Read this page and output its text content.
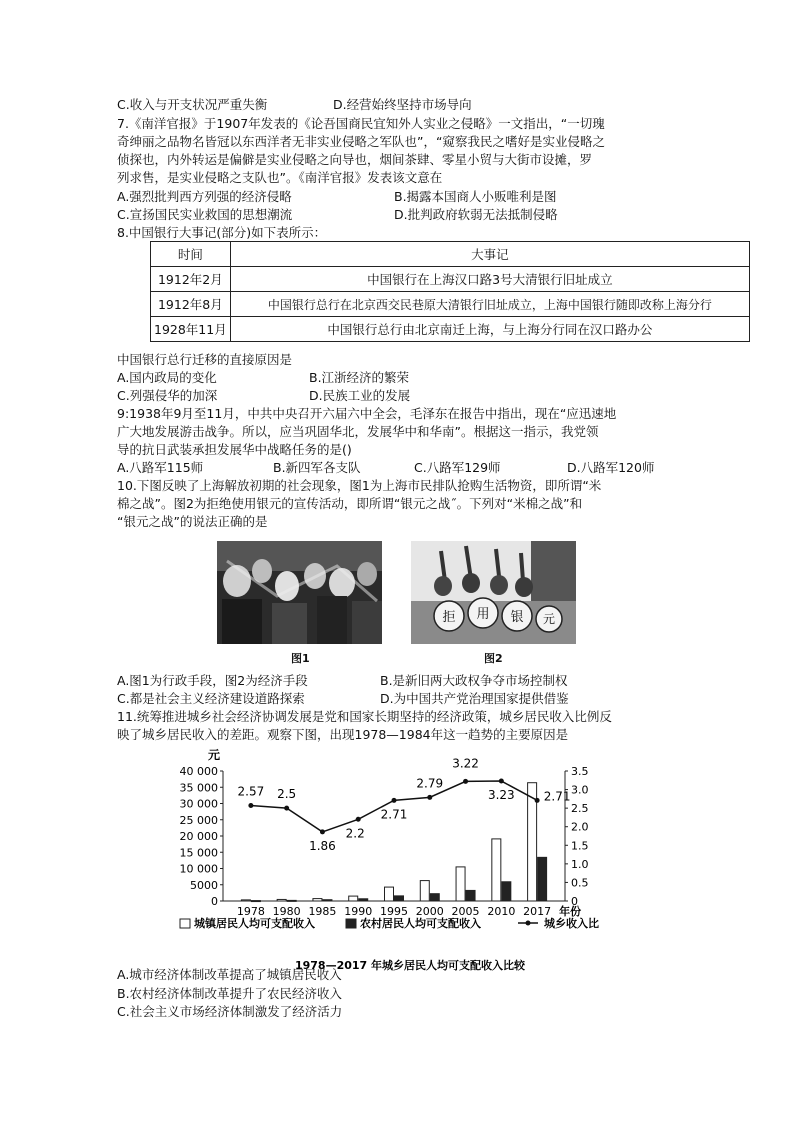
C.收入与开支状况严重失衡	D.经营始终坚持市场导向
7.《南洋官报》于1907年发表的《论吾国商民宜知外人实业之侵略》一文指出，“一切瑰
奇绅丽之品物名皆冠以东西洋者无非实业侵略之军队也”，“窥察我民之嗜好是实业侵略之
侦探也，内外转运是偏僻是实业侵略之向导也，烟间茶肆、零星小贸与大街市设摊，罗
列求售，是实业侵略之支队也”。《南洋官报》发表该文意在
A.强烈批判西方列强的经济侵略	B.揭露本国商人小贩唯利是图
C.宣扬国民实业救国的思想潮流	D.批判政府软弱无法抵制侵略
8.中国银行大事记(部分)如下表所示：
时间	大事记
1912年2月	中国银行在上海汉口路3号大清银行旧址成立
1912年8月	中国银行总行在北京西交民巷原大清银行旧址成立，上海中国银行随即改称上海分行
1928年11月	中国银行总行由北京南迁上海，与上海分行同在汉口路办公
中国银行总行迁移的直接原因是
A.国内政局的变化	B.江浙经济的繁荣
C.列强侵华的加深	D.民族工业的发展
9:1938年9月至11月，中共中央召开六届六中全会，毛泽东在报告中指出，现在“应迅速地
广大地发展游击战争。所以，应当巩固华北，发展华中和华南”。根据这一指示，我党领
导的抗日武装承担发展华中战略任务的是()
A.八路军115师	B.新四军各支队	C.八路军129师	D.八路军120师
10.下图反映了上海解放初期的社会现象，图1为上海市民排队抢购生活物资，即所谓“米
棉之战”。图2为拒绝使用银元的宣传活动，即所谓“银元之战˝。下列对“米棉之战”和
“银元之战”的说法正确的是
图1
拒 用 银 元
图2
A.图1为行政手段，图2为经济手段	B.是新旧两大政权争夺市场控制权
C.都是社会主义经济建设道路探索	D.为中国共产党治理国家提供借鉴
11.统筹推进城乡社会经济协调发展是党和国家长期坚持的经济政策，城乡居民收入比例反
映了城乡居民收入的差距。观察下图，出现1978—1984年这一趋势的主要原因是
0
5000
10 000
15 000
20 000
25 000
30 000
35 000
40 000
0
0.5
1.0
1.5
2.0
2.5
3.0
3.5
2.57 2.5
1.86
2.2
2.71
2.79
3.22
3.23 2.71
1978 1980 1985 1990 1995 2000 2005 2010 2017 年份
城镇居民人均可支配收入	农村居民人均可支配收入	城乡收入比
元
1978—2017 年城乡居民人均可支配收入比较
A.城市经济体制改革提高了城镇居民收入
B.农村经济体制改革提升了农民经济收入
C.社会主义市场经济体制激发了经济活力
